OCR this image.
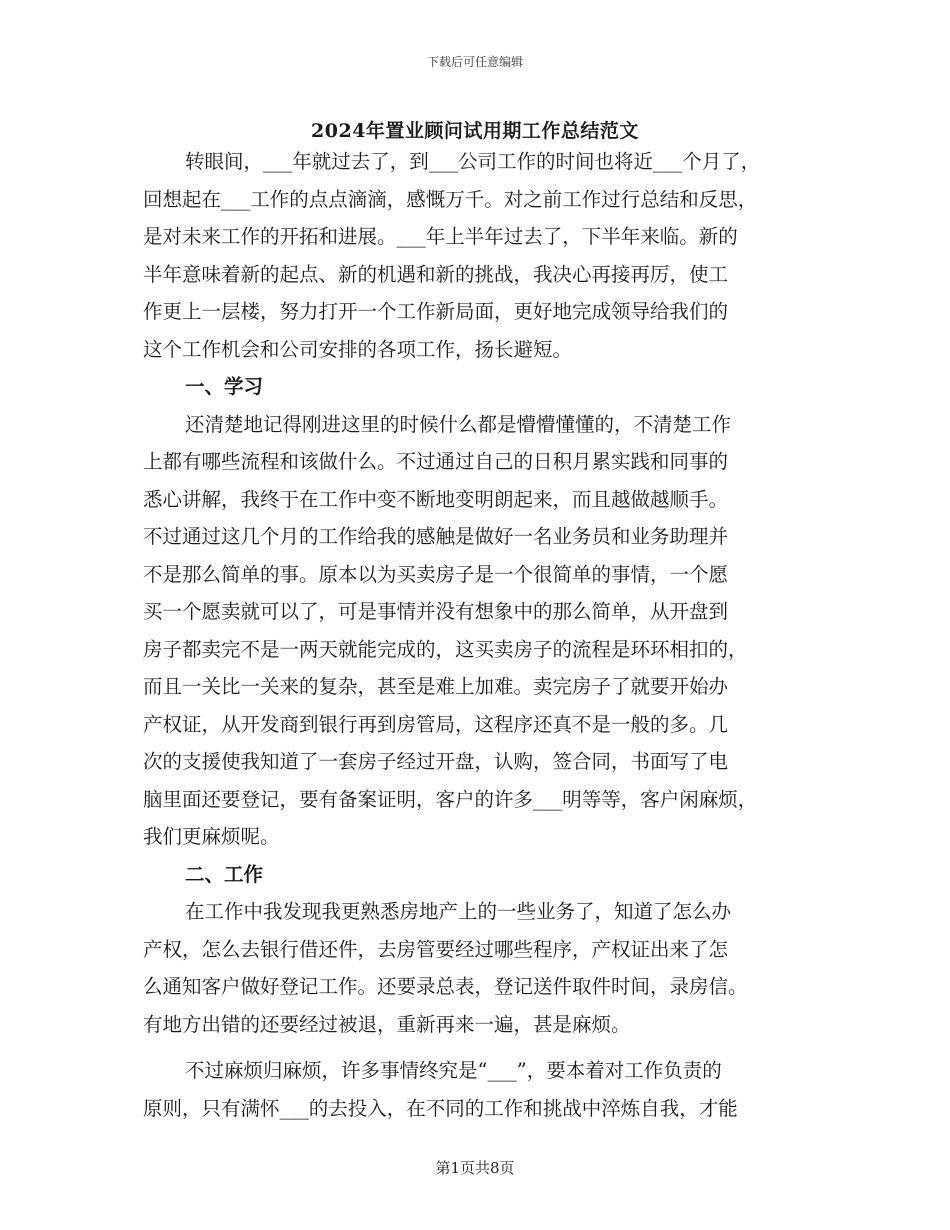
下载后可任意编辑
2024年置业顾问试用期工作总结范文
转眼间，___年就过去了，到___公司工作的时间也将近___个月了，
回想起在___工作的点点滴滴，感慨万千。对之前工作过行总结和反思，
是对未来工作的开拓和进展。___年上半年过去了，下半年来临。新的
半年意味着新的起点、新的机遇和新的挑战，我决心再接再厉，使工
作更上一层楼，努力打开一个工作新局面，更好地完成领导给我们的
这个工作机会和公司安排的各项工作，扬长避短。
一、学习
还清楚地记得刚进这里的时候什么都是懵懵懂懂的，不清楚工作
上都有哪些流程和该做什么。不过通过自己的日积月累实践和同事的
悉心讲解，我终于在工作中变不断地变明朗起来，而且越做越顺手。
不过通过这几个月的工作给我的感触是做好一名业务员和业务助理并
不是那么简单的事。原本以为买卖房子是一个很简单的事情，一个愿
买一个愿卖就可以了，可是事情并没有想象中的那么简单，从开盘到
房子都卖完不是一两天就能完成的，这买卖房子的流程是环环相扣的，
而且一关比一关来的复杂，甚至是难上加难。卖完房子了就要开始办
产权证，从开发商到银行再到房管局，这程序还真不是一般的多。几
次的支援使我知道了一套房子经过开盘，认购，签合同，书面写了电
脑里面还要登记，要有备案证明，客户的许多___明等等，客户闲麻烦，
我们更麻烦呢。
二、工作
在工作中我发现我更熟悉房地产上的一些业务了，知道了怎么办
产权，怎么去银行借还件，去房管要经过哪些程序，产权证出来了怎
么通知客户做好登记工作。还要录总表，登记送件取件时间，录房信。
有地方出错的还要经过被退，重新再来一遍，甚是麻烦。
不过麻烦归麻烦，许多事情终究是“___”，要本着对工作负责的
原则，只有满怀___的去投入，在不同的工作和挑战中淬炼自我，才能
第1页共8页
